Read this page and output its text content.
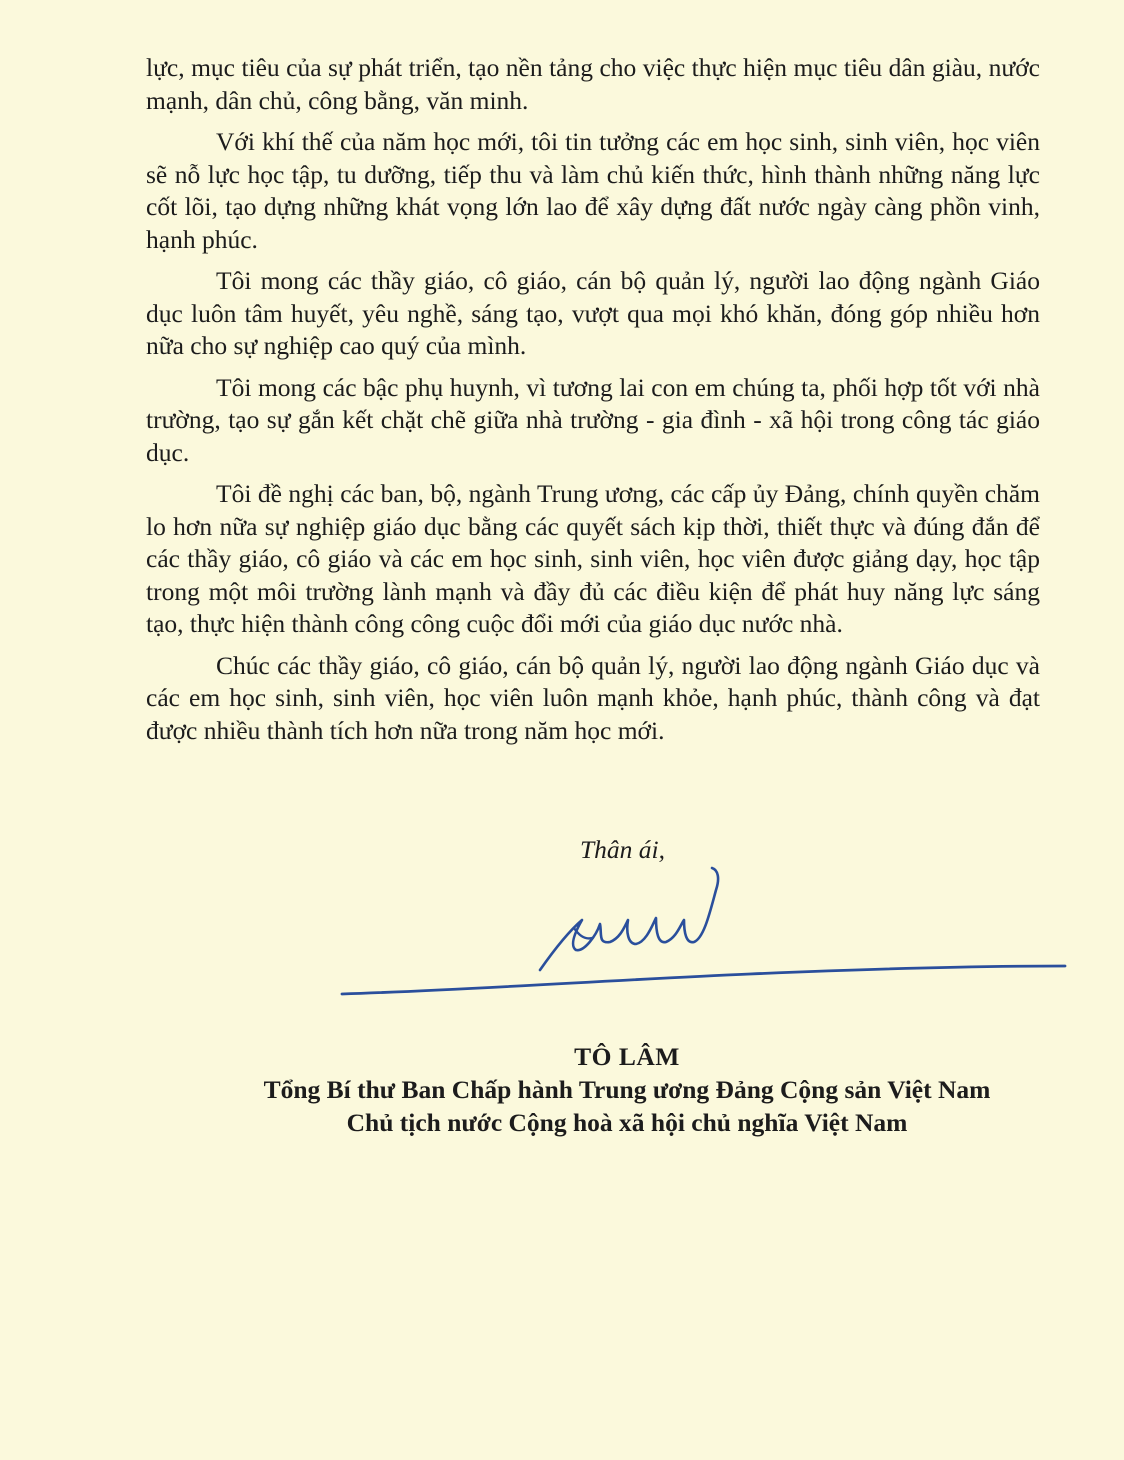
lực, mục tiêu của sự phát triển, tạo nền tảng cho việc thực hiện mục tiêu dân giàu, nước mạnh, dân chủ, công bằng, văn minh.

Với khí thế của năm học mới, tôi tin tưởng các em học sinh, sinh viên, học viên sẽ nỗ lực học tập, tu dưỡng, tiếp thu và làm chủ kiến thức, hình thành những năng lực cốt lõi, tạo dựng những khát vọng lớn lao để xây dựng đất nước ngày càng phồn vinh, hạnh phúc.

Tôi mong các thầy giáo, cô giáo, cán bộ quản lý, người lao động ngành Giáo dục luôn tâm huyết, yêu nghề, sáng tạo, vượt qua mọi khó khăn, đóng góp nhiều hơn nữa cho sự nghiệp cao quý của mình.

Tôi mong các bậc phụ huynh, vì tương lai con em chúng ta, phối hợp tốt với nhà trường, tạo sự gắn kết chặt chẽ giữa nhà trường - gia đình - xã hội trong công tác giáo dục.

Tôi đề nghị các ban, bộ, ngành Trung ương, các cấp ủy Đảng, chính quyền chăm lo hơn nữa sự nghiệp giáo dục bằng các quyết sách kịp thời, thiết thực và đúng đắn để các thầy giáo, cô giáo và các em học sinh, sinh viên, học viên được giảng dạy, học tập trong một môi trường lành mạnh và đầy đủ các điều kiện để phát huy năng lực sáng tạo, thực hiện thành công công cuộc đổi mới của giáo dục nước nhà.

Chúc các thầy giáo, cô giáo, cán bộ quản lý, người lao động ngành Giáo dục và các em học sinh, sinh viên, học viên luôn mạnh khỏe, hạnh phúc, thành công và đạt được nhiều thành tích hơn nữa trong năm học mới.

Thân ái,
TÔ LÂM
Tổng Bí thư Ban Chấp hành Trung ương Đảng Cộng sản Việt Nam
Chủ tịch nước Cộng hoà xã hội chủ nghĩa Việt Nam
